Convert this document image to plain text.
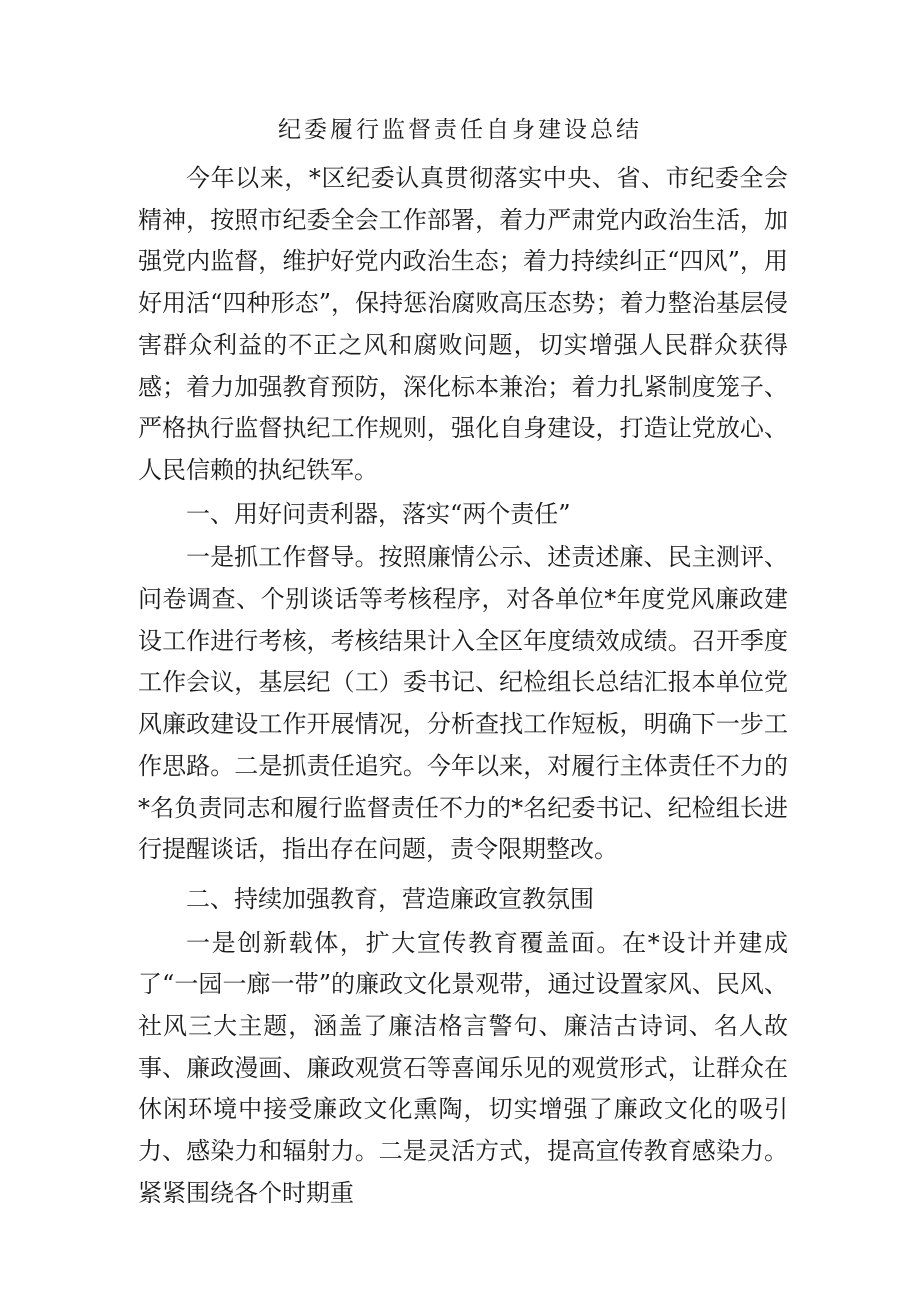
纪委履行监督责任自身建设总结

今年以来，*区纪委认真贯彻落实中央、省、市纪委全会精神，按照市纪委全会工作部署，着力严肃党内政治生活，加强党内监督，维护好党内政治生态；着力持续纠正“四风”，用好用活“四种形态”，保持惩治腐败高压态势；着力整治基层侵害群众利益的不正之风和腐败问题，切实增强人民群众获得感；着力加强教育预防，深化标本兼治；着力扎紧制度笼子、严格执行监督执纪工作规则，强化自身建设，打造让党放心、人民信赖的执纪铁军。

一、用好问责利器，落实“两个责任”

一是抓工作督导。按照廉情公示、述责述廉、民主测评、问卷调查、个别谈话等考核程序，对各单位*年度党风廉政建设工作进行考核，考核结果计入全区年度绩效成绩。召开季度工作会议，基层纪（工）委书记、纪检组长总结汇报本单位党风廉政建设工作开展情况，分析查找工作短板，明确下一步工作思路。二是抓责任追究。今年以来，对履行主体责任不力的*名负责同志和履行监督责任不力的*名纪委书记、纪检组长进行提醒谈话，指出存在问题，责令限期整改。

二、持续加强教育，营造廉政宣教氛围

一是创新载体，扩大宣传教育覆盖面。在*设计并建成了“一园一廊一带”的廉政文化景观带，通过设置家风、民风、社风三大主题，涵盖了廉洁格言警句、廉洁古诗词、名人故事、廉政漫画、廉政观赏石等喜闻乐见的观赏形式，让群众在休闲环境中接受廉政文化熏陶，切实增强了廉政文化的吸引力、感染力和辐射力。二是灵活方式，提高宣传教育感染力。紧紧围绕各个时期重
